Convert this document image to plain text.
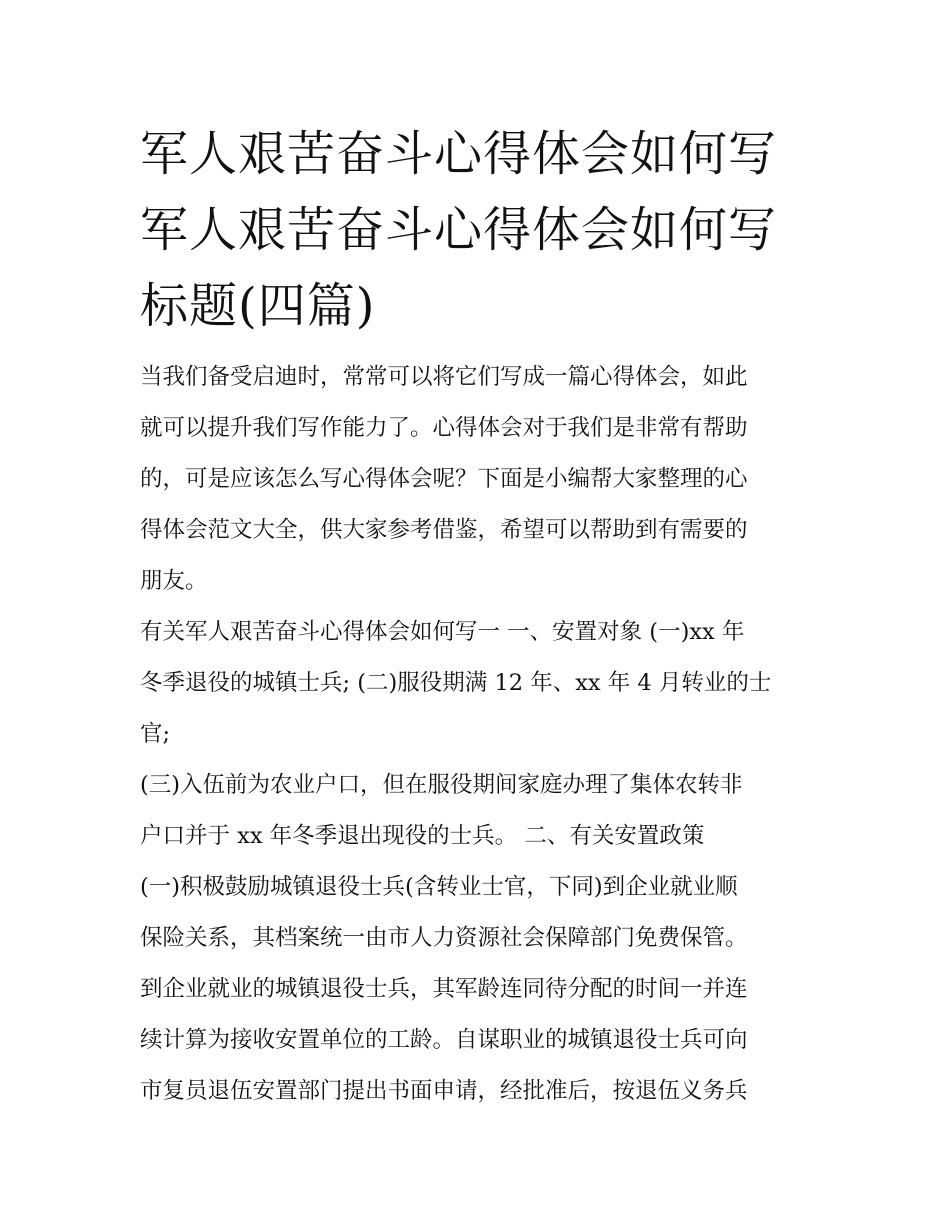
军人艰苦奋斗心得体会如何写
军人艰苦奋斗心得体会如何写
标题(四篇)
当我们备受启迪时，常常可以将它们写成一篇心得体会，如此
就可以提升我们写作能力了。心得体会对于我们是非常有帮助
的，可是应该怎么写心得体会呢？下面是小编帮大家整理的心
得体会范文大全，供大家参考借鉴，希望可以帮助到有需要的
朋友。
有关军人艰苦奋斗心得体会如何写一 一、安置对象 (一)xx 年
冬季退役的城镇士兵; (二)服役期满 12 年、xx 年 4 月转业的士
官;
(三)入伍前为农业户口，但在服役期间家庭办理了集体农转非
户口并于 xx 年冬季退出现役的士兵。 二、有关安置政策
(一)积极鼓励城镇退役士兵(含转业士官，下同)到企业就业顺
保险关系，其档案统一由市人力资源社会保障部门免费保管。
到企业就业的城镇退役士兵，其军龄连同待分配的时间一并连
续计算为接收安置单位的工龄。自谋职业的城镇退役士兵可向
市复员退伍安置部门提出书面申请，经批准后，按退伍义务兵
